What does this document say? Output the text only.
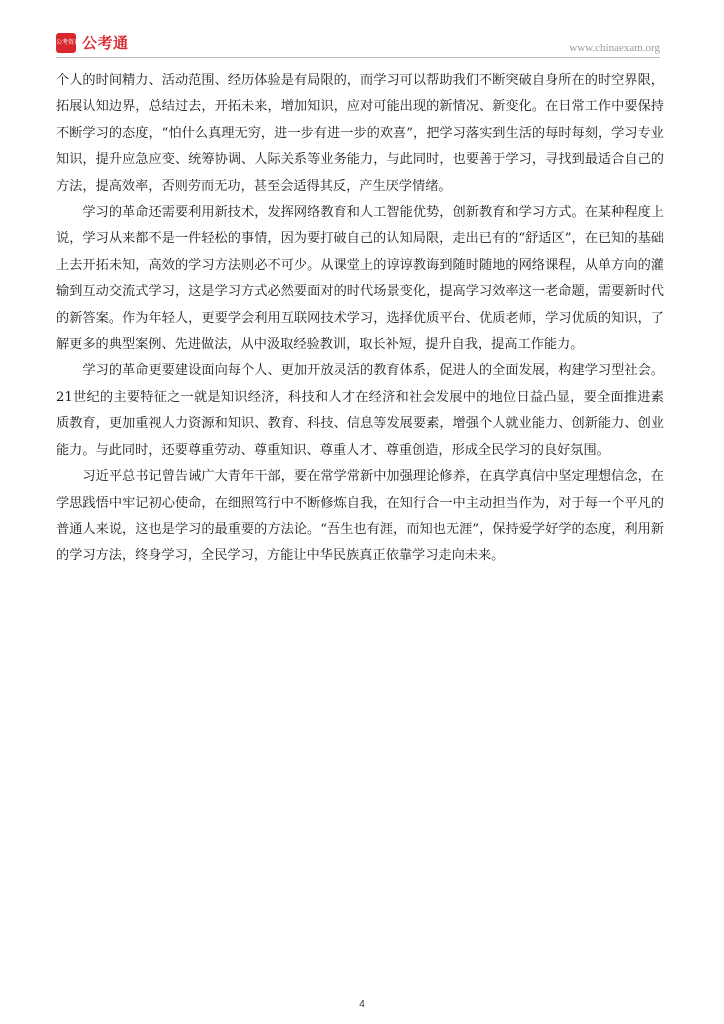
公考资讯 公考通	www.chinaexam.org

个人的时间精力、活动范围、经历体验是有局限的，而学习可以帮助我们不断突破自身所在的时空界限，拓展认知边界，总结过去，开拓未来，增加知识，应对可能出现的新情况、新变化。在日常工作中要保持不断学习的态度，“怕什么真理无穷，进一步有进一步的欢喜”，把学习落实到生活的每时每刻，学习专业知识，提升应急应变、统筹协调、人际关系等业务能力，与此同时，也要善于学习，寻找到最适合自己的方法，提高效率，否则劳而无功，甚至会适得其反，产生厌学情绪。

学习的革命还需要利用新技术，发挥网络教育和人工智能优势，创新教育和学习方式。在某种程度上说，学习从来都不是一件轻松的事情，因为要打破自己的认知局限，走出已有的“舒适区”，在已知的基础上去开拓未知，高效的学习方法则必不可少。从课堂上的谆谆教诲到随时随地的网络课程，从单方向的灌输到互动交流式学习，这是学习方式必然要面对的时代场景变化，提高学习效率这一老命题，需要新时代的新答案。作为年轻人，更要学会利用互联网技术学习，选择优质平台、优质老师，学习优质的知识，了解更多的典型案例、先进做法，从中汲取经验教训，取长补短，提升自我，提高工作能力。

学习的革命更要建设面向每个人、更加开放灵活的教育体系，促进人的全面发展，构建学习型社会。21世纪的主要特征之一就是知识经济，科技和人才在经济和社会发展中的地位日益凸显，要全面推进素质教育，更加重视人力资源和知识、教育、科技、信息等发展要素，增强个人就业能力、创新能力、创业能力。与此同时，还要尊重劳动、尊重知识、尊重人才、尊重创造，形成全民学习的良好氛围。

习近平总书记曾告诫广大青年干部，要在常学常新中加强理论修养，在真学真信中坚定理想信念，在学思践悟中牢记初心使命，在细照笃行中不断修炼自我，在知行合一中主动担当作为，对于每一个平凡的普通人来说，这也是学习的最重要的方法论。“吾生也有涯，而知也无涯”，保持爱学好学的态度，利用新的学习方法，终身学习，全民学习，方能让中华民族真正依靠学习走向未来。

4
